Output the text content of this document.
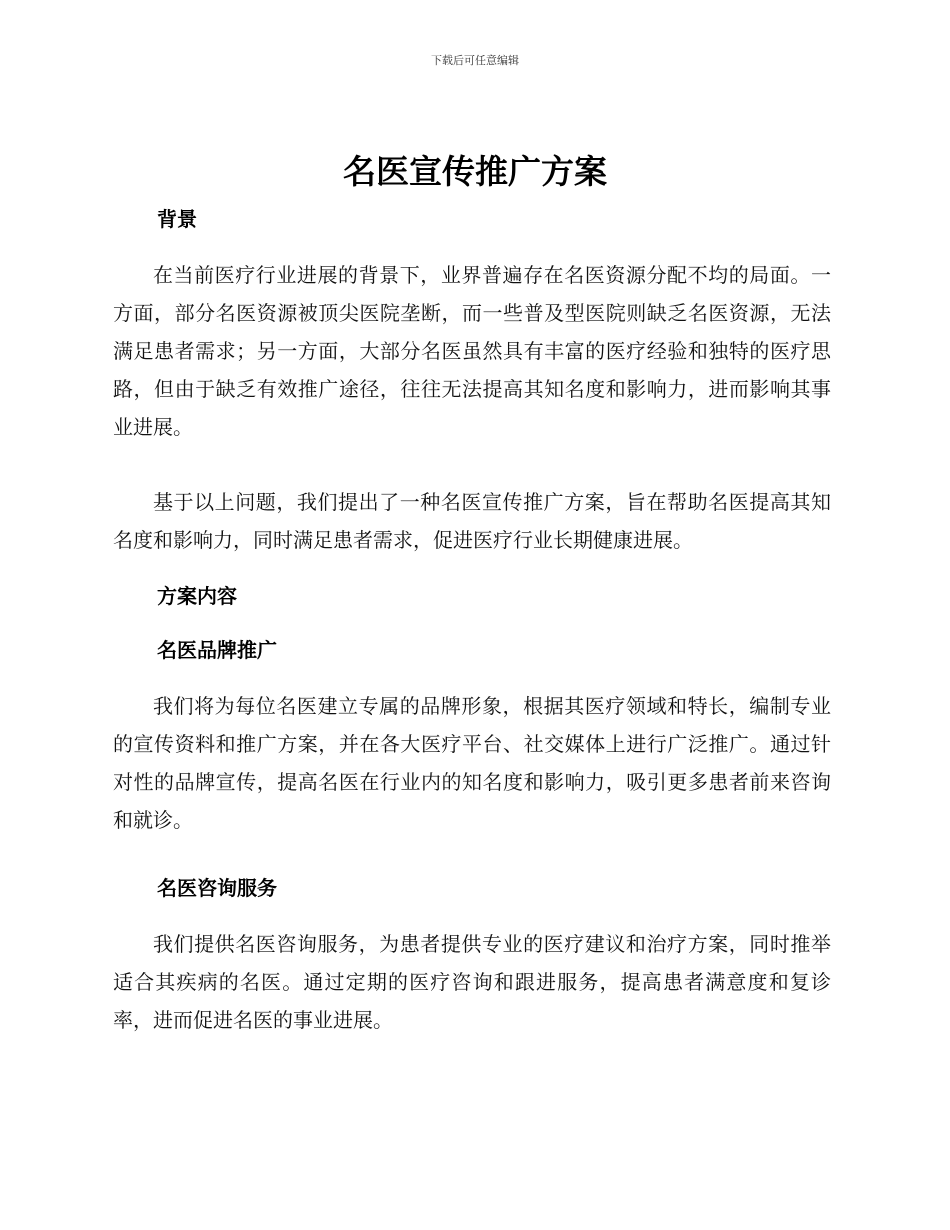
下载后可任意编辑
名医宣传推广方案
背景

在当前医疗行业进展的背景下，业界普遍存在名医资源分配不均的局面。一方面，部分名医资源被顶尖医院垄断，而一些普及型医院则缺乏名医资源，无法满足患者需求；另一方面，大部分名医虽然具有丰富的医疗经验和独特的医疗思路，但由于缺乏有效推广途径，往往无法提高其知名度和影响力，进而影响其事业进展。

基于以上问题，我们提出了一种名医宣传推广方案，旨在帮助名医提高其知名度和影响力，同时满足患者需求，促进医疗行业长期健康进展。

方案内容
名医品牌推广

我们将为每位名医建立专属的品牌形象，根据其医疗领域和特长，编制专业的宣传资料和推广方案，并在各大医疗平台、社交媒体上进行广泛推广。通过针对性的品牌宣传，提高名医在行业内的知名度和影响力，吸引更多患者前来咨询和就诊。

名医咨询服务

我们提供名医咨询服务，为患者提供专业的医疗建议和治疗方案，同时推举适合其疾病的名医。通过定期的医疗咨询和跟进服务，提高患者满意度和复诊率，进而促进名医的事业进展。
